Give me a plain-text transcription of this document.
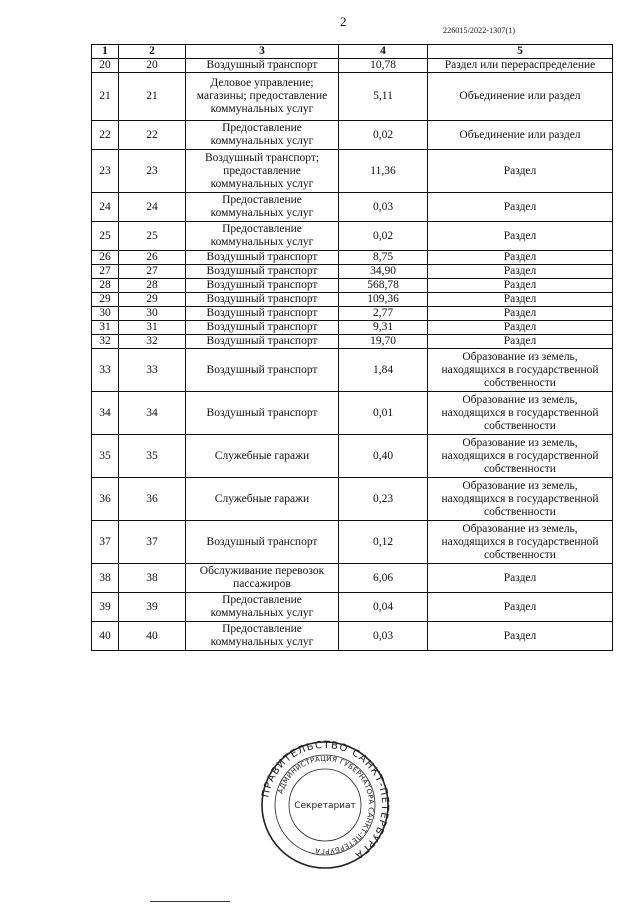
2
226015/2022-1307(1)
1	2	3	4	5
20	20	Воздушный транспорт	10,78	Раздел или перераспределение
21	21	Деловое управление; магазины; предоставление коммунальных услуг	5,11	Объединение или раздел
22	22	Предоставление коммунальных услуг	0,02	Объединение или раздел
23	23	Воздушный транспорт; предоставление коммунальных услуг	11,36	Раздел
24	24	Предоставление коммунальных услуг	0,03	Раздел
25	25	Предоставление коммунальных услуг	0,02	Раздел
26	26	Воздушный транспорт	8,75	Раздел
27	27	Воздушный транспорт	34,90	Раздел
28	28	Воздушный транспорт	568,78	Раздел
29	29	Воздушный транспорт	109,36	Раздел
30	30	Воздушный транспорт	2,77	Раздел
31	31	Воздушный транспорт	9,31	Раздел
32	32	Воздушный транспорт	19,70	Раздел
33	33	Воздушный транспорт	1,84	Образование из земель, находящихся в государственной собственности
34	34	Воздушный транспорт	0,01	Образование из земель, находящихся в государственной собственности
35	35	Служебные гаражи	0,40	Образование из земель, находящихся в государственной собственности
36	36	Служебные гаражи	0,23	Образование из земель, находящихся в государственной собственности
37	37	Воздушный транспорт	0,12	Образование из земель, находящихся в государственной собственности
38	38	Обслуживание перевозок пассажиров	6,06	Раздел
39	39	Предоставление коммунальных услуг	0,04	Раздел
40	40	Предоставление коммунальных услуг	0,03	Раздел
ПРАВИТЕЛЬСТВО САНКТ-ПЕТЕРБУРГА
АДМИНИСТРАЦИЯ ГУБЕРНАТОРА САНКТ-ПЕТЕРБУРГА
Секретариат
